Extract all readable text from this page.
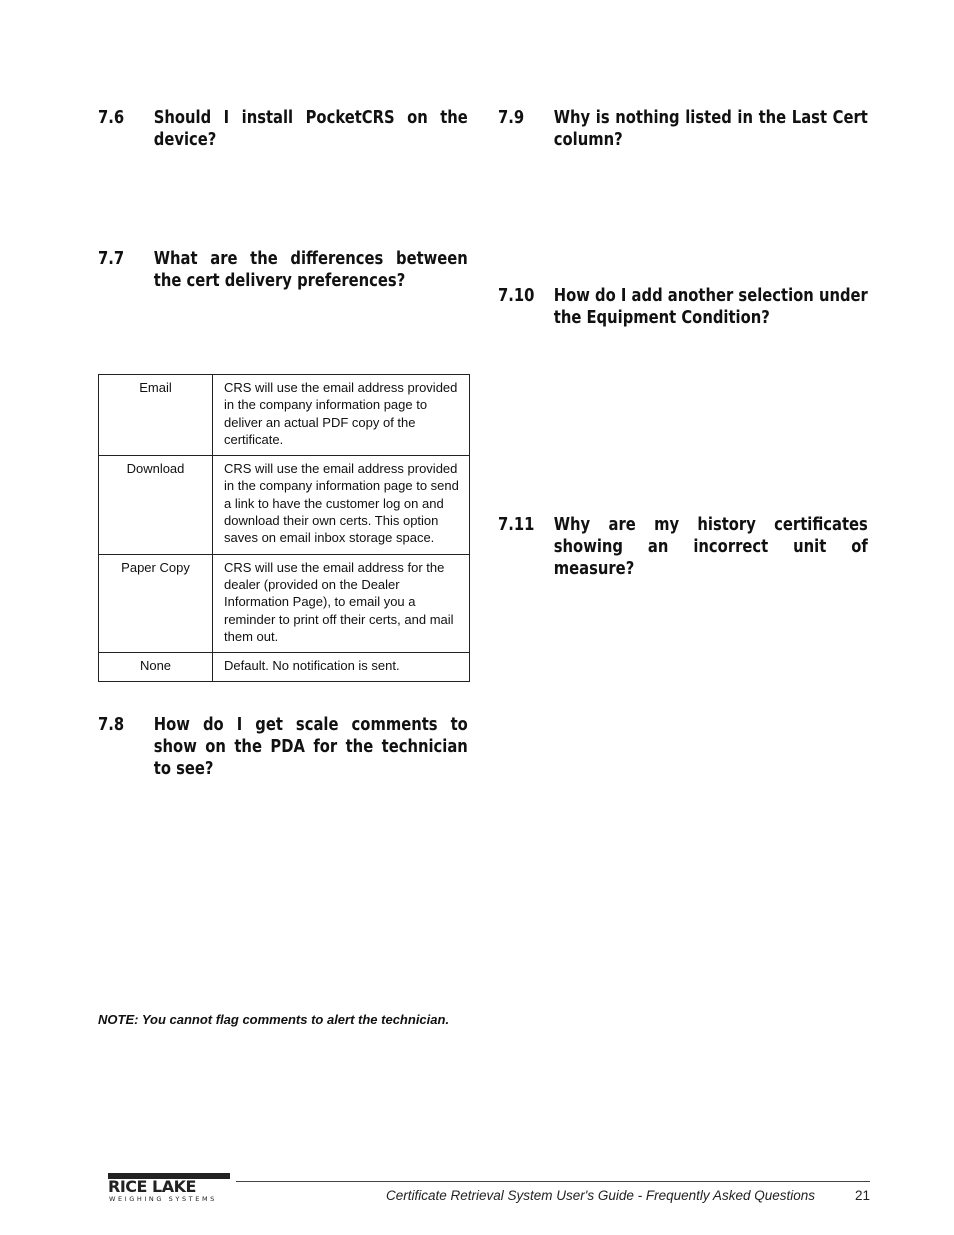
7.6 Should I install PocketCRS on the device?
7.7 What are the differences between the cert delivery preferences?
Email	CRS will use the email address provided in the company information page to deliver an actual PDF copy of the certificate.
Download	CRS will use the email address provided in the company information page to send a link to have the customer log on and download their own certs. This option saves on email inbox storage space.
Paper Copy	CRS will use the email address for the dealer (provided on the Dealer Information Page), to email you a reminder to print off their certs, and mail them out.
None	Default. No notification is sent.
7.8 How do I get scale comments to show on the PDA for the technician to see?
NOTE: You cannot flag comments to alert the technician.
7.9 Why is nothing listed in the Last Cert column?
7.10 How do I add another selection under the Equipment Condition?
7.11 Why are my history certificates showing an incorrect unit of measure?
RICE LAKE
WEIGHING SYSTEMS	Certificate Retrieval System User's Guide - Frequently Asked Questions	21
